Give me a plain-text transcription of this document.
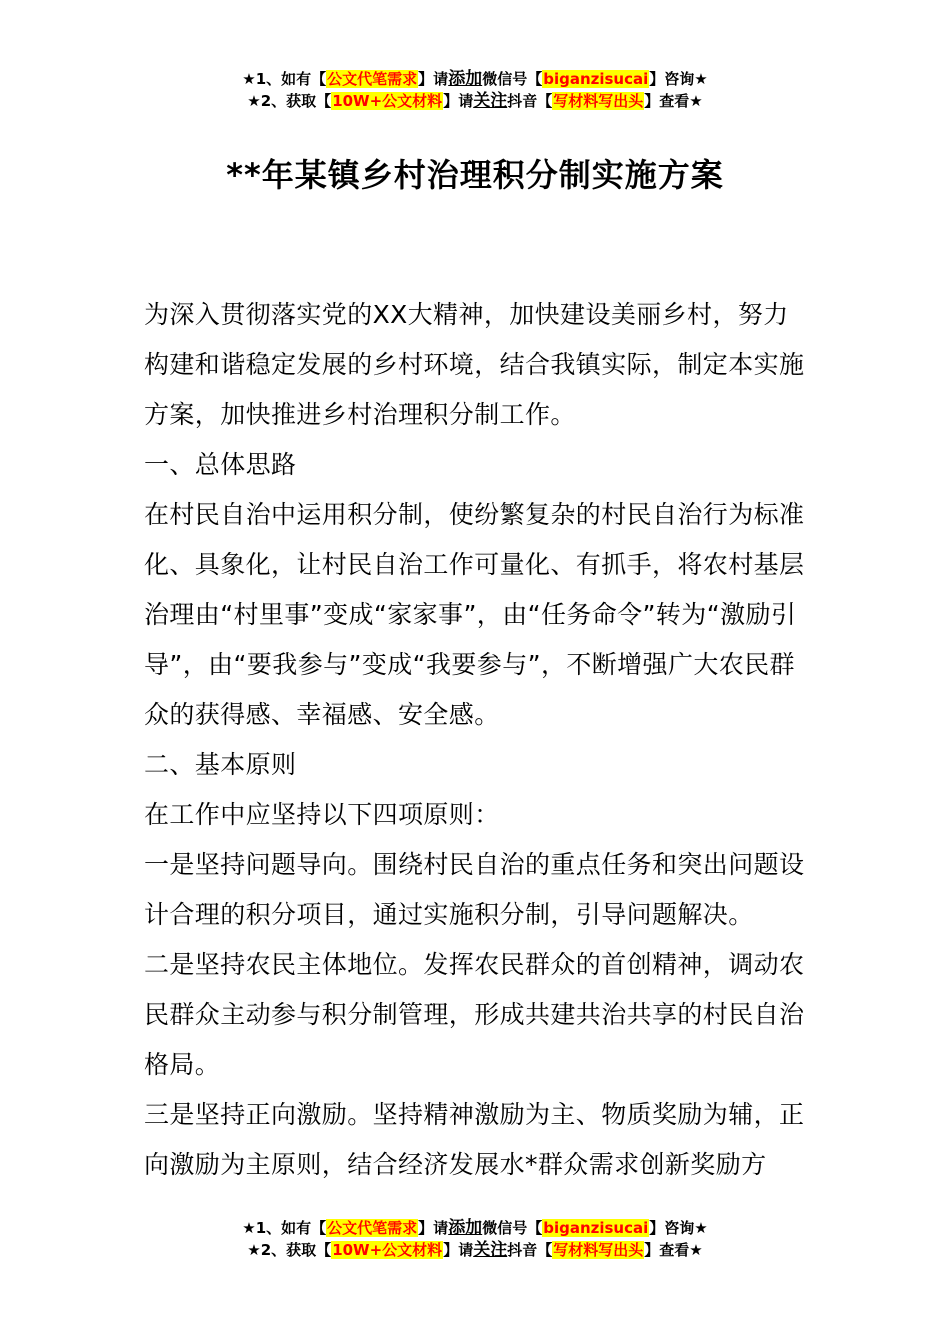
★1、如有【公文代笔需求】请添加微信号【biganzisucai】咨询★
★2、获取【10W+公文材料】请关注抖音【写材料写出头】查看★
**年某镇乡村治理积分制实施方案

为深入贯彻落实党的XX大精神，加快建设美丽乡村，努力构建和谐稳定发展的乡村环境，结合我镇实际，制定本实施方案，加快推进乡村治理积分制工作。

一、总体思路

在村民自治中运用积分制，使纷繁复杂的村民自治行为标准化、具象化，让村民自治工作可量化、有抓手，将农村基层治理由“村里事”变成“家家事”，由“任务命令”转为“激励引导”，由“要我参与”变成“我要参与”，不断增强广大农民群众的获得感、幸福感、安全感。

二、基本原则

在工作中应坚持以下四项原则：

一是坚持问题导向。围绕村民自治的重点任务和突出问题设计合理的积分项目，通过实施积分制，引导问题解决。

二是坚持农民主体地位。发挥农民群众的首创精神，调动农民群众主动参与积分制管理，形成共建共治共享的村民自治格局。

三是坚持正向激励。坚持精神激励为主、物质奖励为辅，正向激励为主原则，结合经济发展水*群众需求创新奖励方

★1、如有【公文代笔需求】请添加微信号【biganzisucai】咨询★
★2、获取【10W+公文材料】请关注抖音【写材料写出头】查看★
